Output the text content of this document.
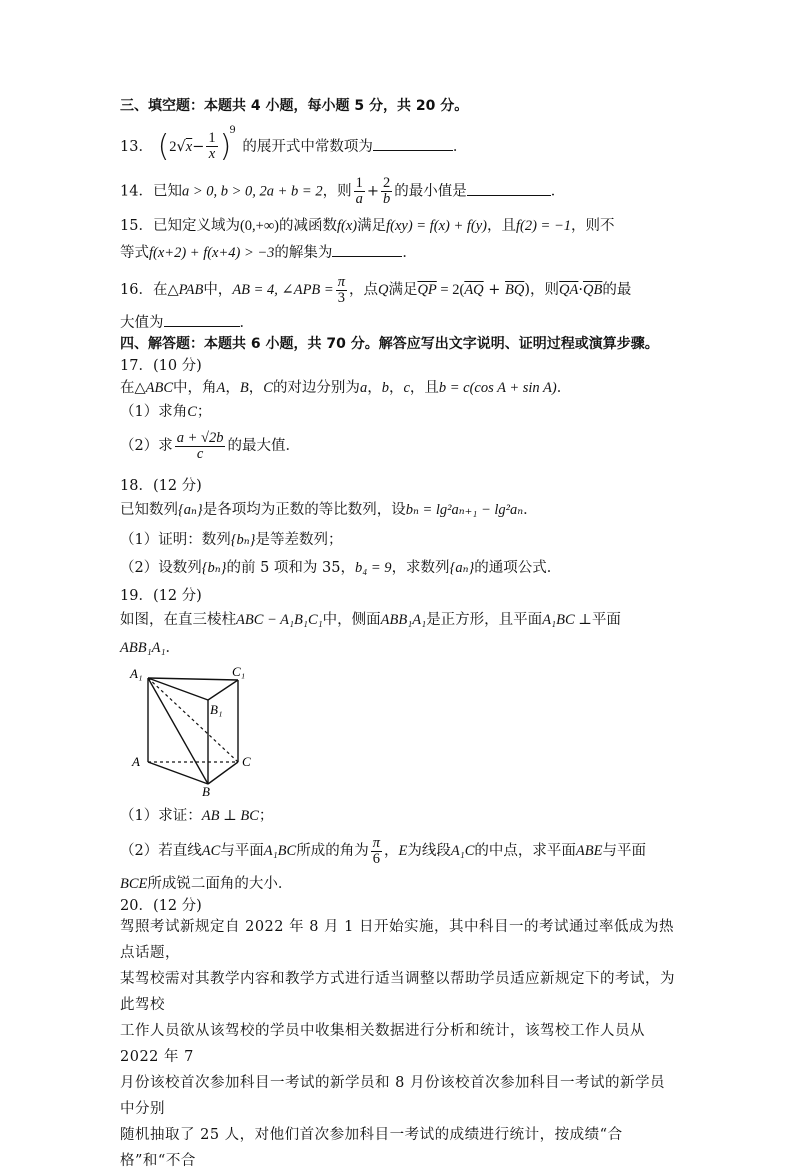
三、填空题：本题共 4 小题，每小题 5 分，共 20 分。
13． $(2√x- \frac{1}{x} )^9$ 的展开式中常数项为	．
14．已知a > 0, b > 0, 2a + b = 2，则 $\frac{1}{a} + \frac{2}{b}$ 的最小值是	．
15．已知定义域为(0,+∞)的减函数f(x)满足f(xy) = f(x) + f(y)，且f(2) = −1，则不
等式f(x+2) + f(x+4) > −3的解集为	．
16．在△PAB中，AB = 4, ∠APB = $\frac{\pi}{3}$ ，点Q满足$\overline{QP} = 2(\overline{AQ} + \overline{BQ})$，则$\overline{QA}\cdot\overline{QB}$的最
大值为	．
四、解答题：本题共 6 小题，共 70 分。解答应写出文字说明、证明过程或演算步骤。
17．(10 分)
在△ABC中，角A，B，C的对边分别为a，b，c，且b = c(cos A + sin A)．
（1）求角C；
（2）求 $\frac{a + √2b}{c}$ 的最大值．
18．(12 分)
已知数列{aₙ}是各项均为正数的等比数列，设bₙ = lg²aₙ₊₁ − lg²aₙ．
（1）证明：数列{bₙ}是等差数列；
（2）设数列{bₙ}的前 5 项和为 35，b₄ = 9，求数列{aₙ}的通项公式．
19．(12 分)
如图，在直三棱柱ABC − A₁B₁C₁中，侧面ABB₁A₁是正方形，且平面A₁BC ⊥平面
ABB₁A₁．
A₁	C₁
B₁
A	C
B
（1）求证：AB ⊥ BC；
（2）若直线AC与平面A₁BC所成的角为 $\frac{\pi}{6}$ ，E为线段A₁C的中点，求平面ABE与平面
BCE所成锐二面角的大小．
20．(12 分)
驾照考试新规定自 2022 年 8 月 1 日开始实施，其中科目一的考试通过率低成为热点话题，
某驾校需对其教学内容和教学方式进行适当调整以帮助学员适应新规定下的考试，为此驾校
工作人员欲从该驾校的学员中收集相关数据进行分析和统计，该驾校工作人员从 2022 年 7
月份该校首次参加科目一考试的新学员和 8 月份该校首次参加科目一考试的新学员中分别
随机抽取了 25 人，对他们首次参加科目一考试的成绩进行统计，按成绩“合格”和“不合
